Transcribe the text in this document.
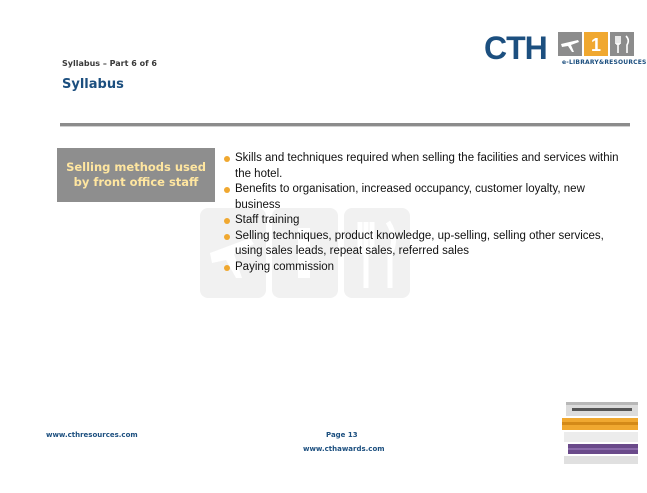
Syllabus – Part 6 of 6
Syllabus
CTH 1
e-LIBRARY&RESOURCES
Selling methods used by front office staff
Skills and techniques required when selling the facilities and services within the hotel.
Benefits to organisation, increased occupancy, customer loyalty, new business
Staff training
Selling techniques, product knowledge, up-selling, selling other services, using sales leads, repeat sales, referred sales
Paying commission
www.cthresources.com	Page 13
www.cthawards.com
